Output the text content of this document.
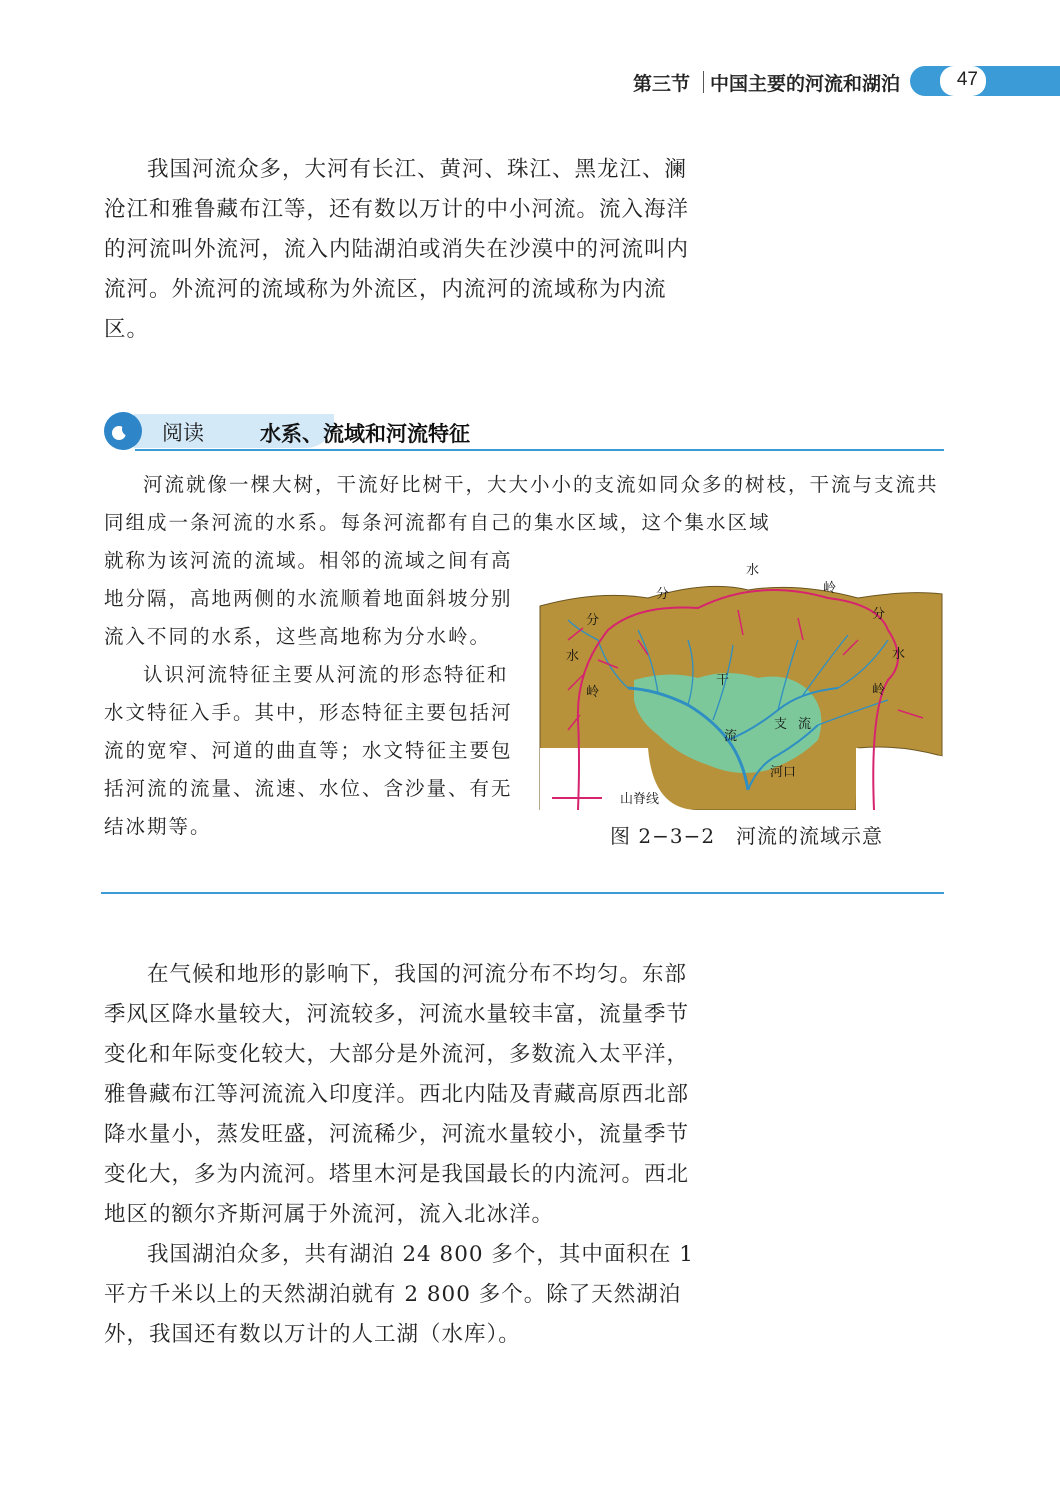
第三节 中国主要的河流和湖泊	47

我国河流众多，大河有长江、黄河、珠江、黑龙江、澜沧江和雅鲁藏布江等，还有数以万计的中小河流。流入海洋的河流叫外流河，流入内陆湖泊或消失在沙漠中的河流叫内流河。外流河的流域称为外流区，内流河的流域称为内流区。

阅读	水系、流域和河流特征

河流就像一棵大树，干流好比树干，大大小小的支流如同众多的树枝，干流与支流共同组成一条河流的水系。每条河流都有自己的集水区域，这个集水区域

就称为该河流的流域。相邻的流域之间有高地分隔，高地两侧的水流顺着地面斜坡分别流入不同的水系，这些高地称为分水岭。

认识河流特征主要从河流的形态特征和水文特征入手。其中，形态特征主要包括河流的宽窄、河道的曲直等；水文特征主要包括河流的流量、流速、水位、含沙量、有无结冰期等。

水
分	岭
分
水
岭
分
水
岭
干
流
支 流
河口
山脊线
图 2−3−2　河流的流域示意

在气候和地形的影响下，我国的河流分布不均匀。东部季风区降水量较大，河流较多，河流水量较丰富，流量季节变化和年际变化较大，大部分是外流河，多数流入太平洋，雅鲁藏布江等河流流入印度洋。西北内陆及青藏高原西北部降水量小，蒸发旺盛，河流稀少，河流水量较小，流量季节变化大，多为内流河。塔里木河是我国最长的内流河。西北地区的额尔齐斯河属于外流河，流入北冰洋。

我国湖泊众多，共有湖泊 24 800 多个，其中面积在 1 平方千米以上的天然湖泊就有 2 800 多个。除了天然湖泊外，我国还有数以万计的人工湖（水库）。
